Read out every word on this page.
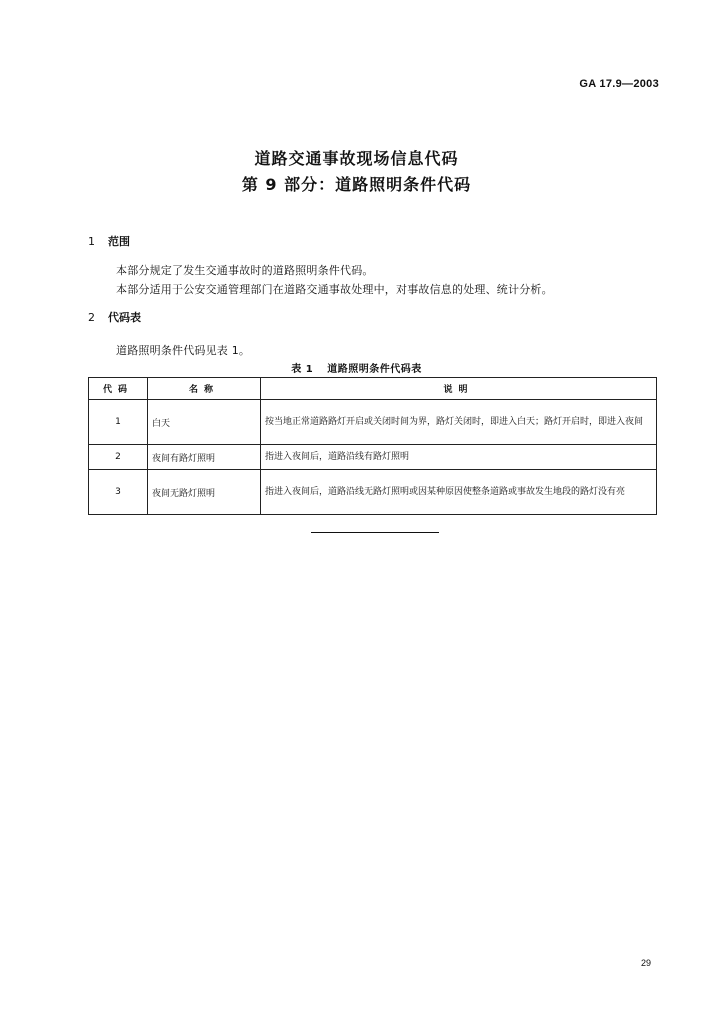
GA 17.9—2003
道路交通事故现场信息代码
第 9 部分：道路照明条件代码
1 范围
本部分规定了发生交通事故时的道路照明条件代码。
本部分适用于公安交通管理部门在道路交通事故处理中，对事故信息的处理、统计分析。
2 代码表
道路照明条件代码见表 1。
表 1 道路照明条件代码表
代码	名称	说明
1	白天	按当地正常道路路灯开启或关闭时间为界，路灯关闭时，即进入白天；路灯开启时，即进入夜间
2	夜间有路灯照明	指进入夜间后，道路沿线有路灯照明
3	夜间无路灯照明	指进入夜间后，道路沿线无路灯照明或因某种原因使整条道路或事故发生地段的路灯没有亮
29
